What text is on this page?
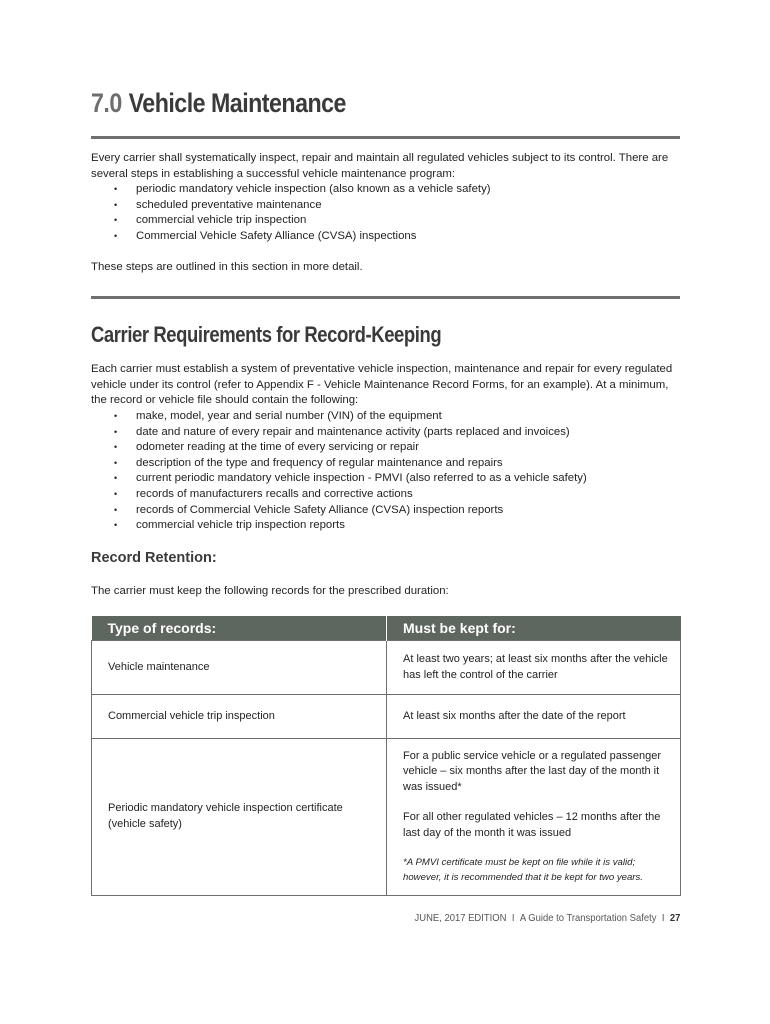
7.0 Vehicle Maintenance

Every carrier shall systematically inspect, repair and maintain all regulated vehicles subject to its control. There are several steps in establishing a successful vehicle maintenance program:

• periodic mandatory vehicle inspection (also known as a vehicle safety)
• scheduled preventative maintenance
• commercial vehicle trip inspection
• Commercial Vehicle Safety Alliance (CVSA) inspections

These steps are outlined in this section in more detail.

Carrier Requirements for Record-Keeping

Each carrier must establish a system of preventative vehicle inspection, maintenance and repair for every regulated vehicle under its control (refer to Appendix F - Vehicle Maintenance Record Forms, for an example). At a minimum, the record or vehicle file should contain the following:

• make, model, year and serial number (VIN) of the equipment
• date and nature of every repair and maintenance activity (parts replaced and invoices)
• odometer reading at the time of every servicing or repair
• description of the type and frequency of regular maintenance and repairs
• current periodic mandatory vehicle inspection - PMVI (also referred to as a vehicle safety)
• records of manufacturers recalls and corrective actions
• records of Commercial Vehicle Safety Alliance (CVSA) inspection reports
• commercial vehicle trip inspection reports
Record Retention:

The carrier must keep the following records for the prescribed duration:

Type of records:	Must be kept for:
Vehicle maintenance	At least two years; at least six months after the vehicle has left the control of the carrier
Commercial vehicle trip inspection	At least six months after the date of the report
Periodic mandatory vehicle inspection certificate (vehicle safety)	For a public service vehicle or a regulated passenger vehicle – six months after the last day of the month it was issued*

For all other regulated vehicles – 12 months after the last day of the month it was issued

*A PMVI certificate must be kept on file while it is valid; however, it is recommended that it be kept for two years.

JUNE, 2017 EDITION I A Guide to Transportation Safety I 27
